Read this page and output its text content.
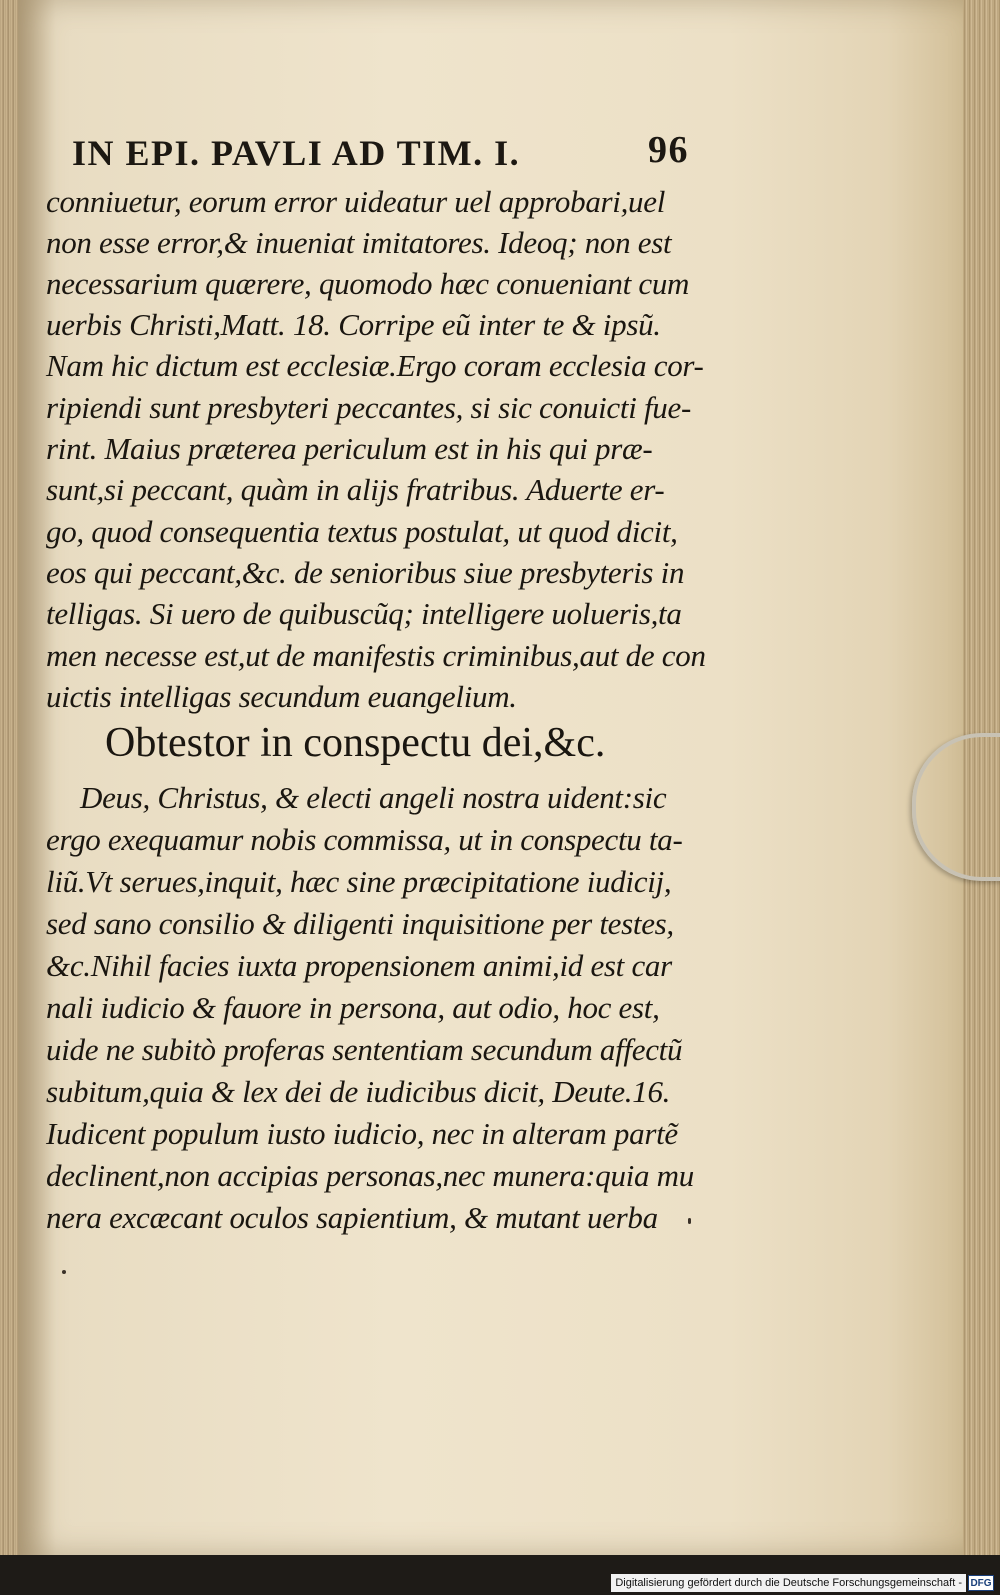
IN EPI. PAVLI AD TIM. I.	96
conniuetur, eorum error uideatur uel approbari,uel
non esse error,& inueniat imitatores. Ideoq; non est
necessarium quærere, quomodo hæc conueniant cum
uerbis Christi,Matt. 18. Corripe eũ inter te & ipsũ.
Nam hic dictum est ecclesiæ.Ergo coram ecclesia cor-
ripiendi sunt presbyteri peccantes, si sic conuicti fue-
rint. Maius præterea periculum est in his qui præ-
sunt,si peccant, quàm in alijs fratribus. Aduerte er-
go, quod consequentia textus postulat, ut quod dicit,
eos qui peccant,&c. de senioribus siue presbyteris in
telligas. Si uero de quibuscũq; intelligere uolueris,ta
men necesse est,ut de manifestis criminibus,aut de con
uictis intelligas secundum euangelium.
Obtestor in conspectu dei,&c.
Deus, Christus, & electi angeli nostra uident:sic
ergo exequamur nobis commissa, ut in conspectu ta-
liũ.Vt serues,inquit, hæc sine præcipitatione iudicij,
sed sano consilio & diligenti inquisitione per testes,
&c.Nihil facies iuxta propensionem animi,id est car
nali iudicio & fauore in persona, aut odio, hoc est,
uide ne subitò proferas sententiam secundum affectũ
subitum,quia & lex dei de iudicibus dicit, Deute.16.
Iudicent populum iusto iudicio, nec in alteram partẽ
declinent,non accipias personas,nec munera:quia mu
nera excæcant oculos sapientium, & mutant uerba
Digitalisierung gefördert durch die Deutsche Forschungsgemeinschaft - DFG
